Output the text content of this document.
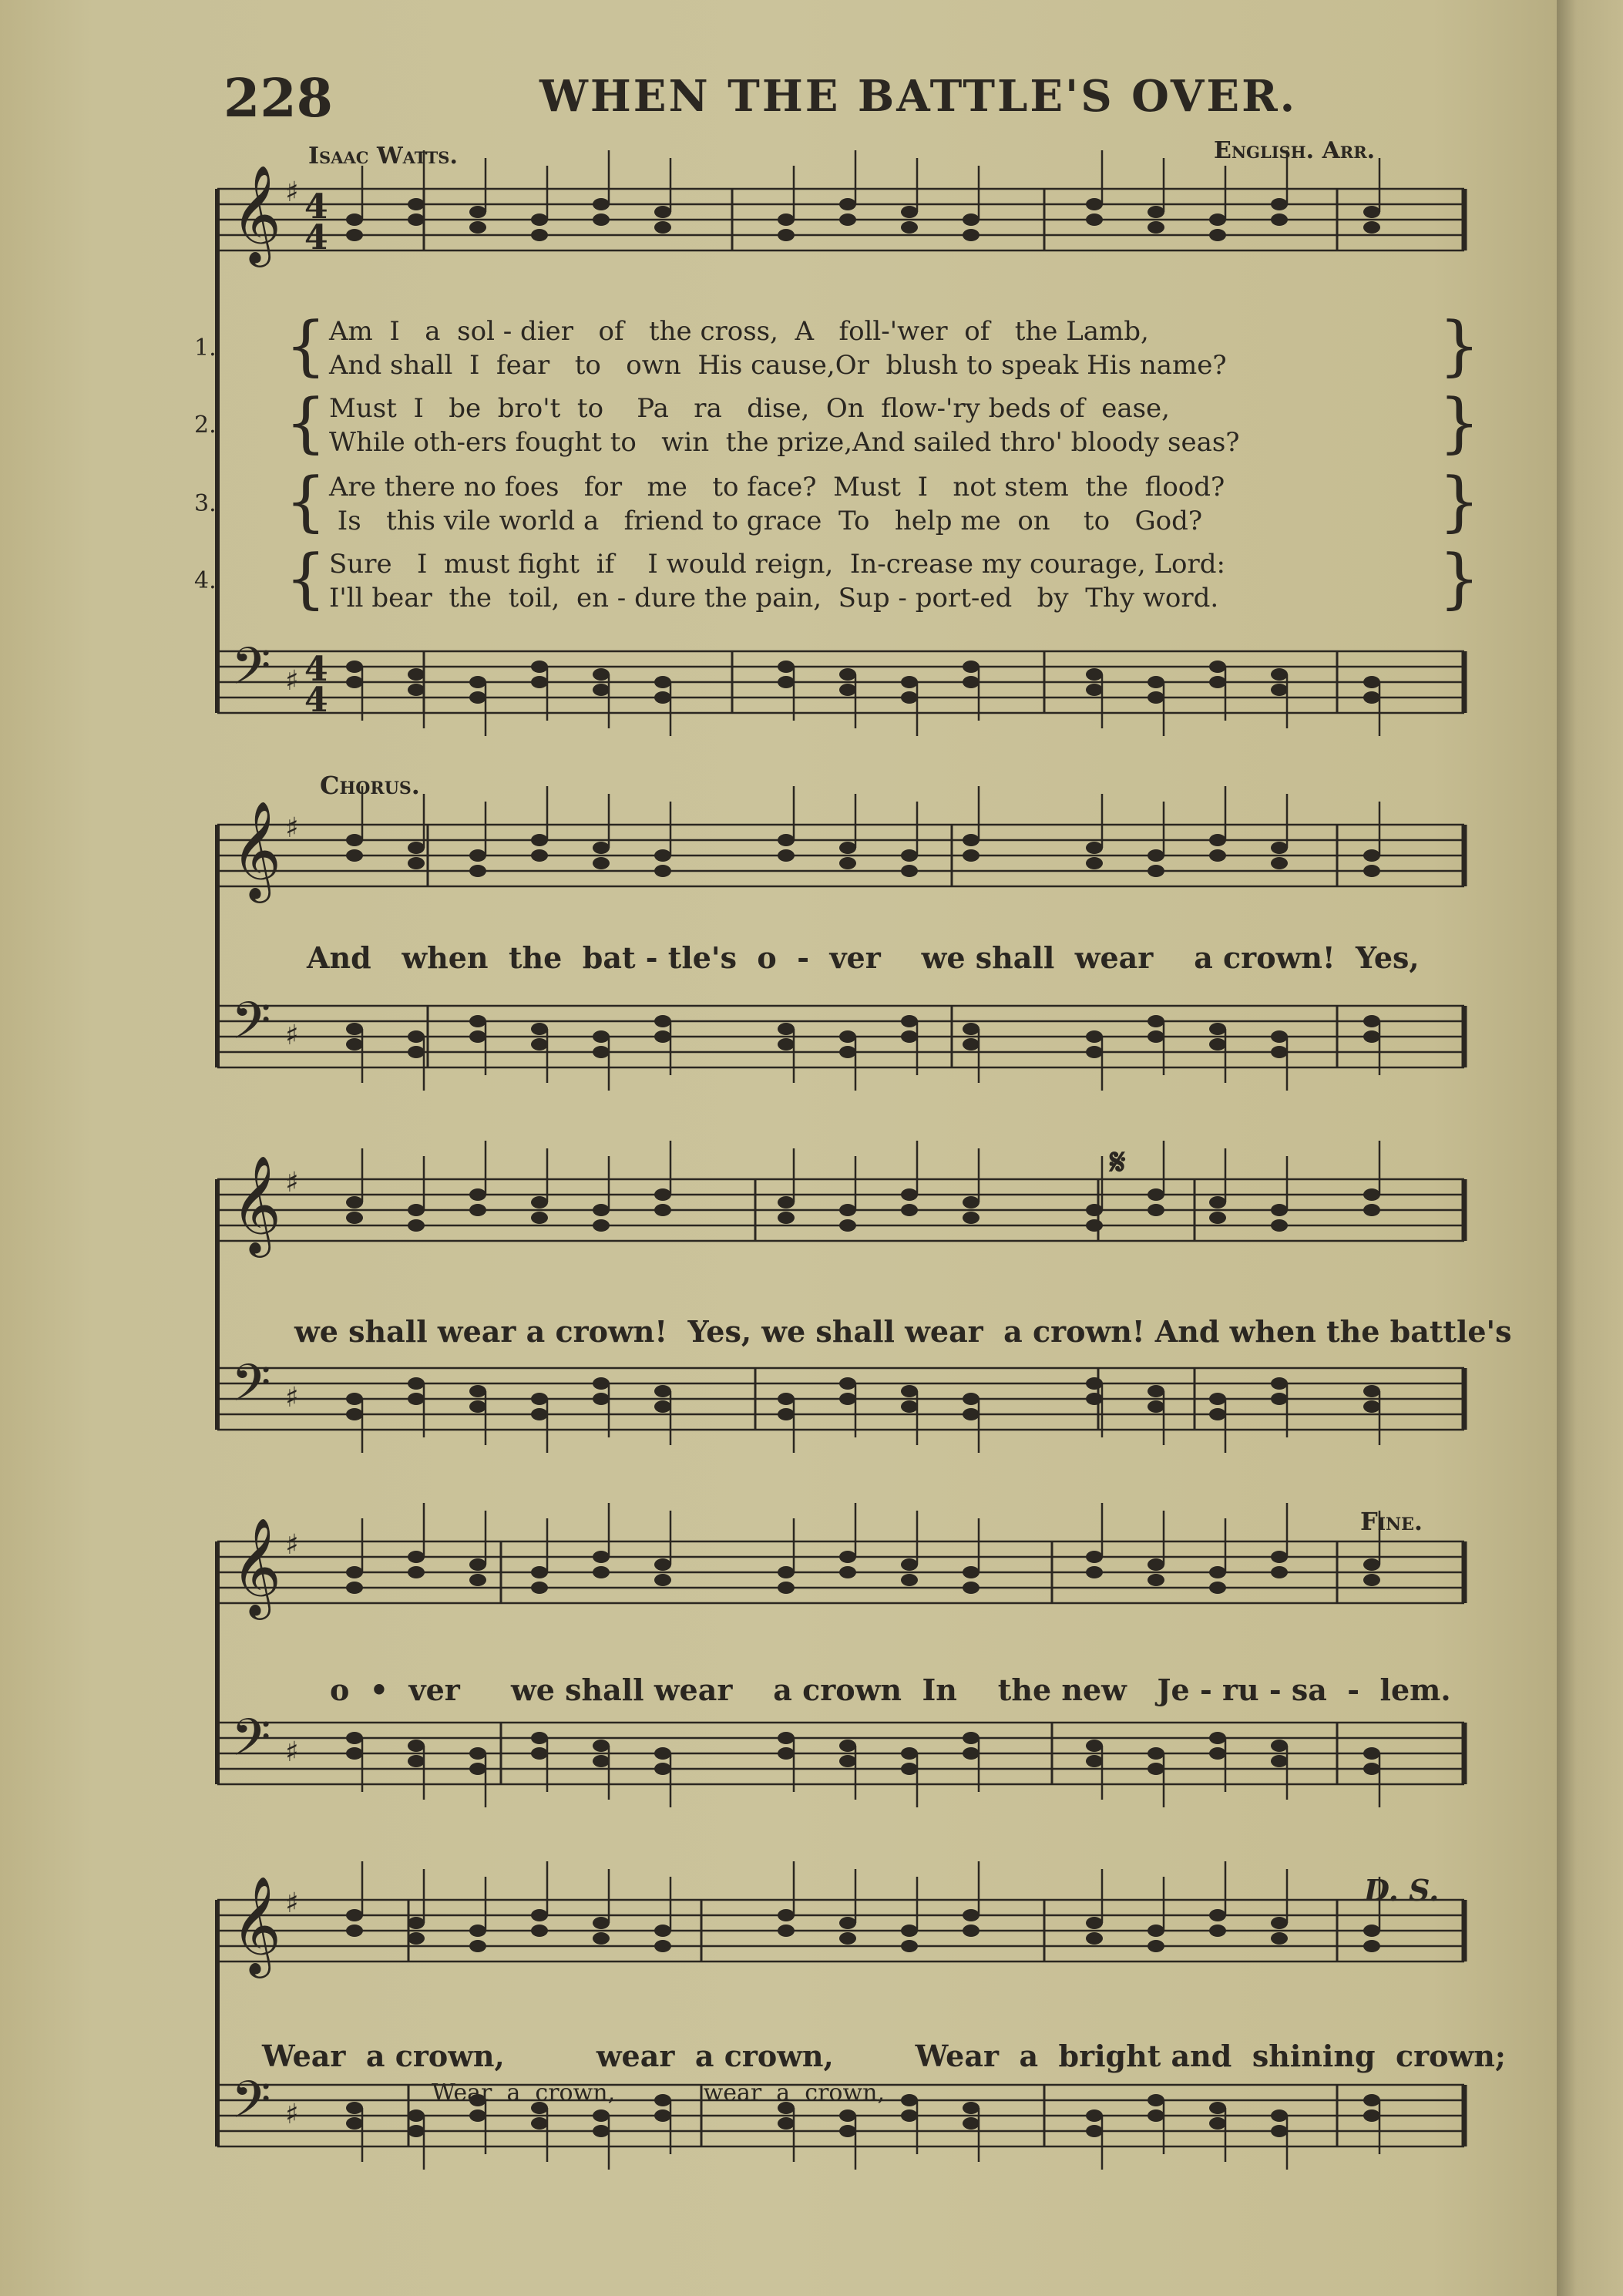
228	WHEN THE BATTLE'S OVER.
Isaac Watts.	English. Arr.
𝄞 ♯ 4
4
𝄢 ♯ 4
4
𝄞 ♯
𝄢 ♯
𝄞 ♯
𝄢 ♯
𝄞 ♯
𝄢 ♯
𝄞 ♯
𝄢 ♯
1. { Am  I   a  sol - dier   of   the cross,  A   foll-'wer  of   the Lamb,
And shall  I  fear   to   own  His cause,Or  blush to speak His name?	}
2. { Must  I   be  bro't  to    Pa   ra   dise,  On  flow-'ry beds of  ease,
While oth-ers fought to   win  the prize,And sailed thro' bloody seas?	}
3. { Are there no foes   for   me   to face?  Must  I   not stem  the  flood?
Is   this vile world a   friend to grace  To   help me  on    to   God?	}
4. { Sure   I  must fight  if    I would reign,  In-crease my courage, Lord:
I'll bear  the  toil,  en - dure the pain,  Sup - port-ed   by  Thy word.	}
Chorus.
And   when  the  bat - tle's  o  -  ver    we shall  wear    a crown!  Yes,
𝄋
we shall wear a crown!  Yes, we shall wear  a crown! And when the battle's
Fine.
o  •  ver     we shall wear    a crown  In    the new   Je - ru - sa  -  lem.
D. S.
Wear  a crown,         wear  a crown,        Wear  a  bright and  shining  crown;
Wear  a  crown,            wear  a  crown,
